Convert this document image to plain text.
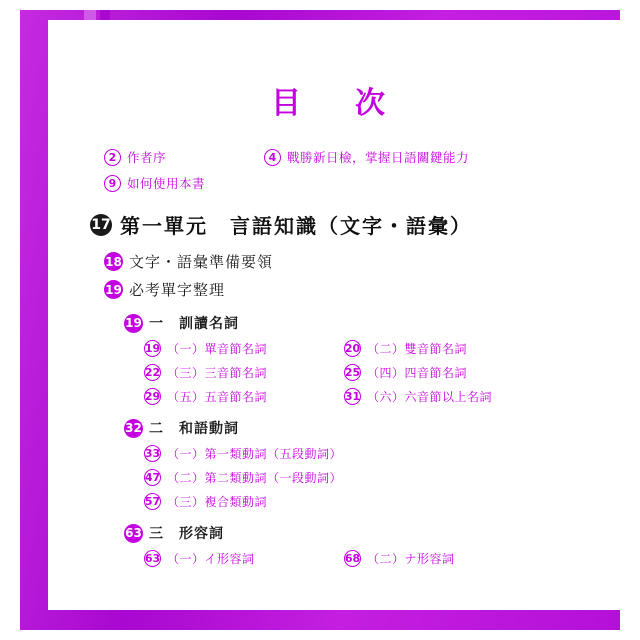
目　次
2 作者序	4 戰勝新日檢，掌握日語關鍵能力
9 如何使用本書
17 第一單元　言語知識（文字・語彙）
18 文字・語彙準備要領
19 必考單字整理
19 一　訓讀名詞
19 （一）單音節名詞	20 （二）雙音節名詞
22 （三）三音節名詞	25 （四）四音節名詞
29 （五）五音節名詞	31 （六）六音節以上名詞
32 二　和語動詞
33 （一）第一類動詞（五段動詞）
47 （二）第二類動詞（一段動詞）
57 （三）複合類動詞
63 三　形容詞
63 （一）イ形容詞	68 （二）ナ形容詞
